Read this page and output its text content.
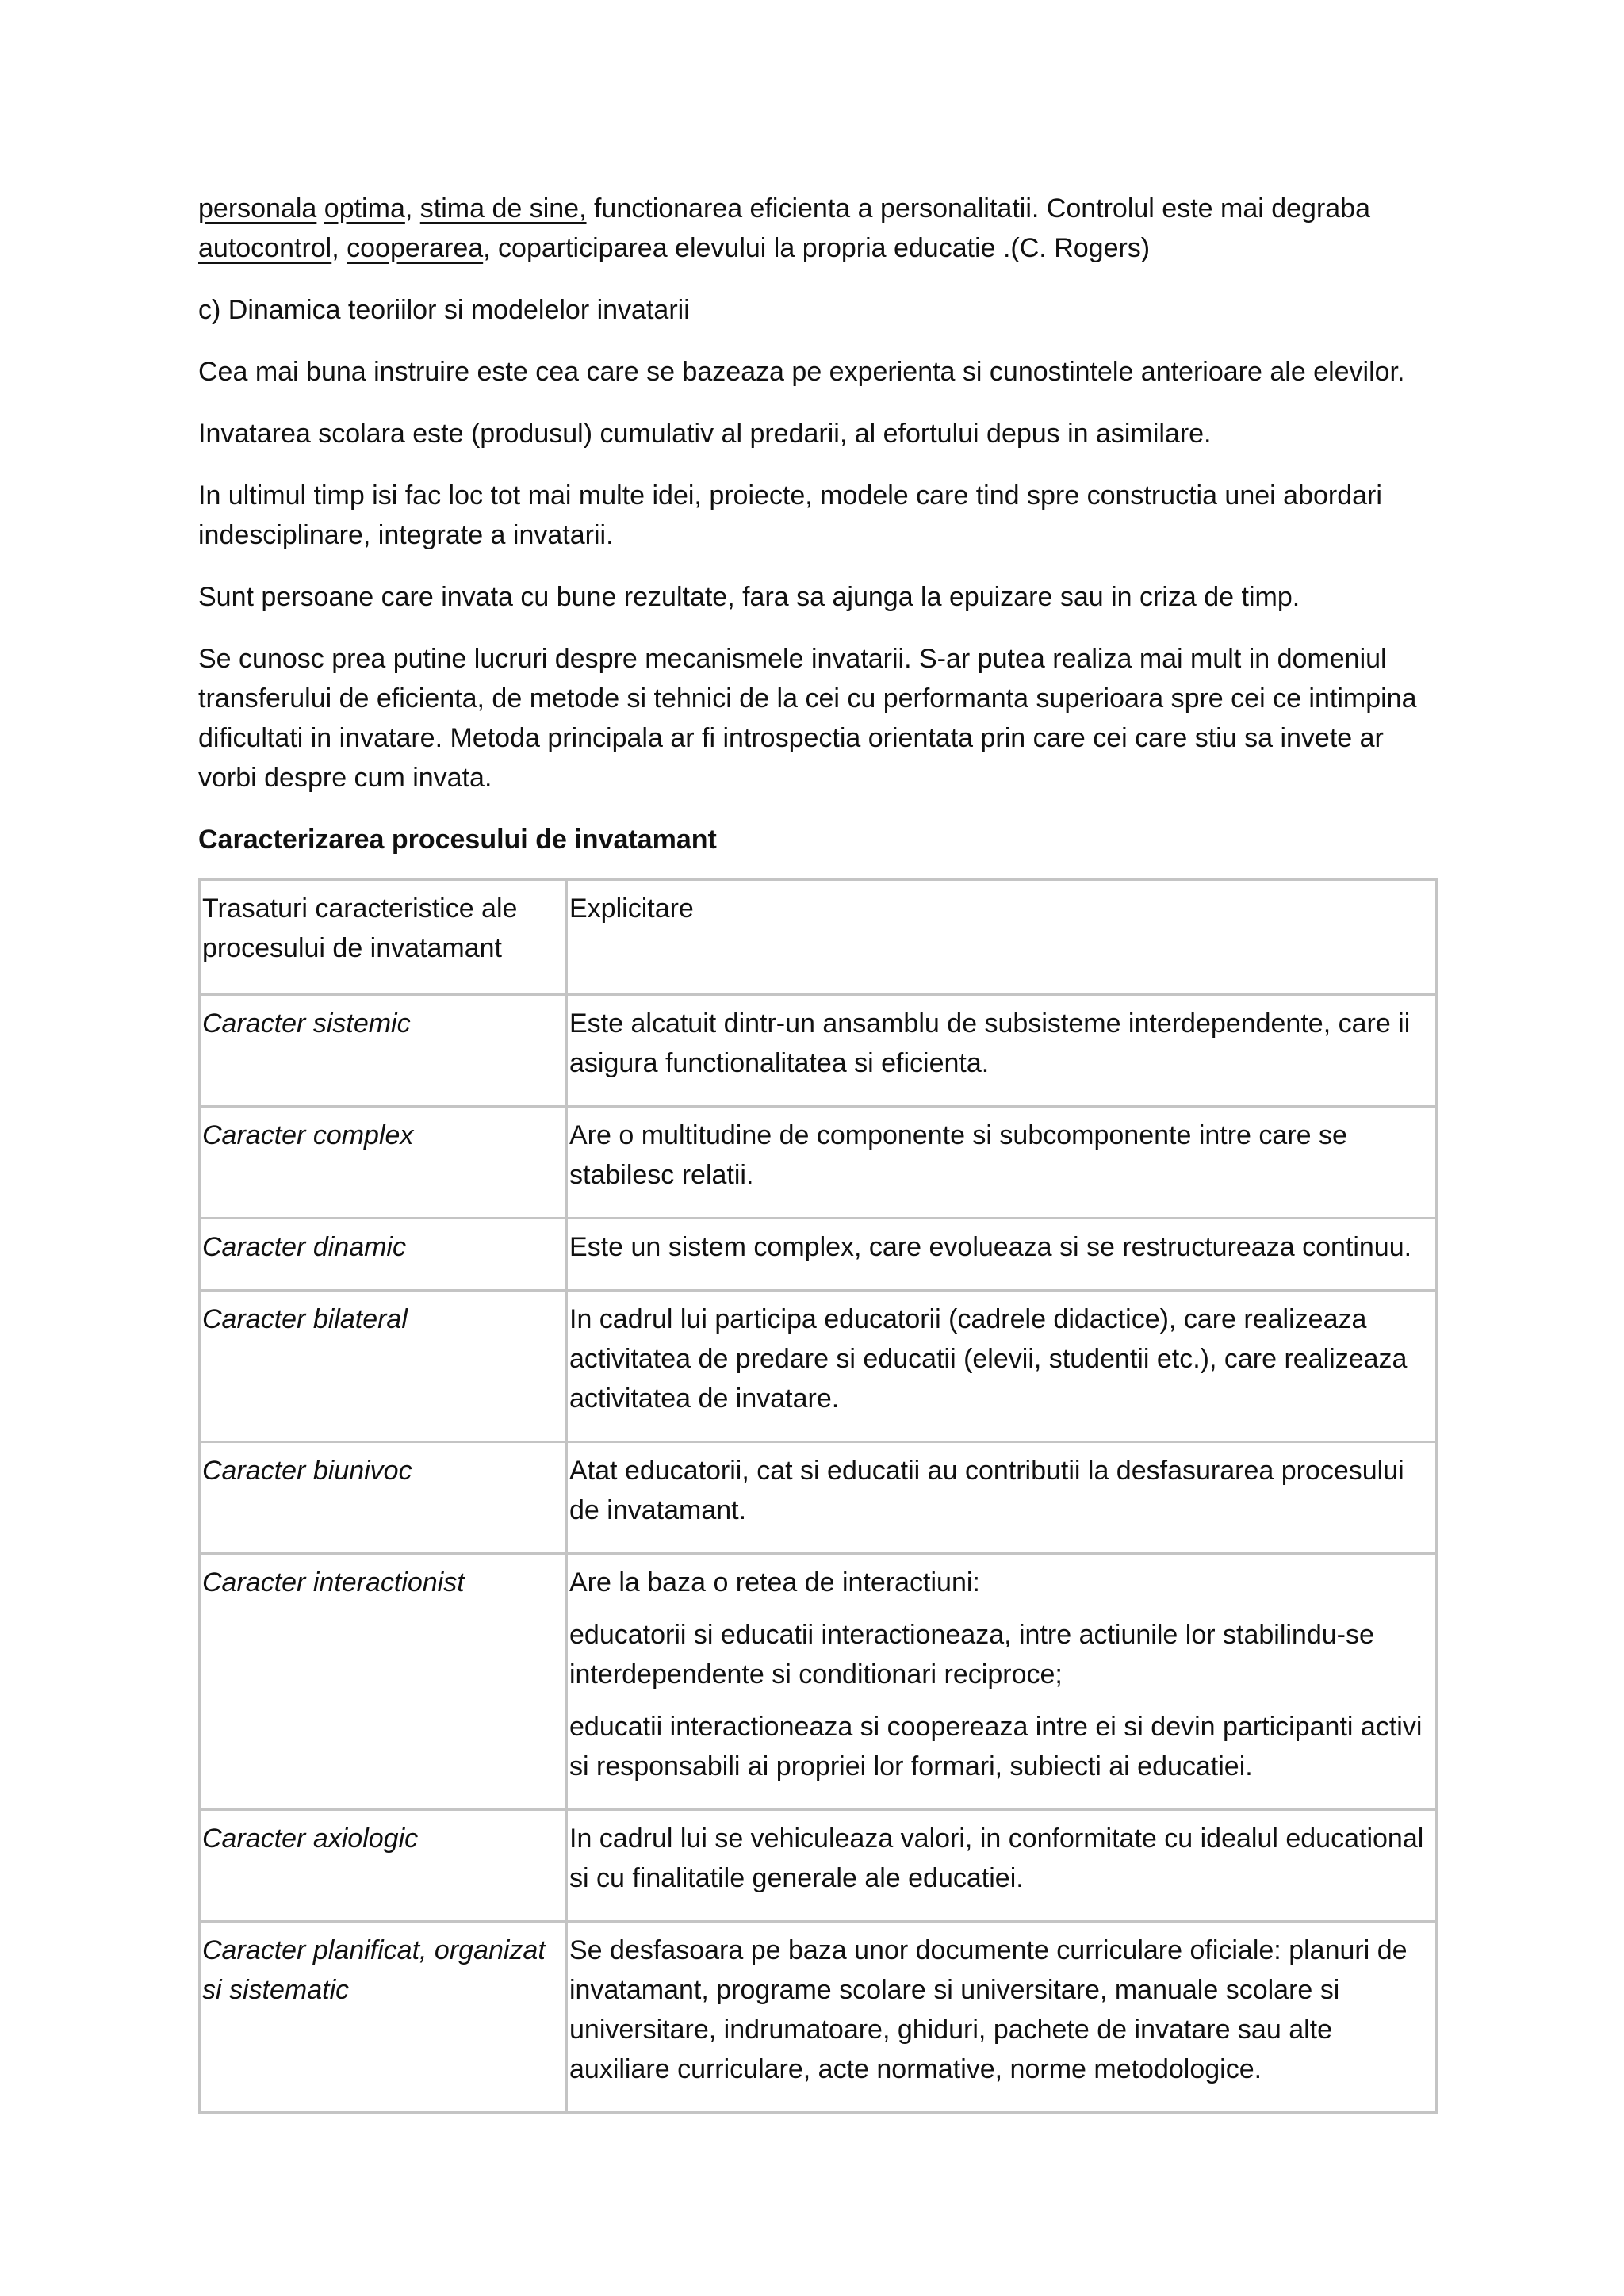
personala optima, stima de sine, functionarea eficienta a personalitatii. Controlul este mai degraba autocontrol, cooperarea, coparticiparea elevului la propria educatie .(C. Rogers)

c) Dinamica teoriilor si modelelor invatarii

Cea mai buna instruire este cea care se bazeaza pe experienta si cunostintele anterioare ale elevilor.

Invatarea scolara este (produsul) cumulativ al predarii, al efortului depus in asimilare.

In ultimul timp isi fac loc tot mai multe idei, proiecte, modele care tind spre constructia unei abordari indesciplinare, integrate a invatarii.

Sunt persoane care invata cu bune rezultate, fara sa ajunga la epuizare sau in criza de timp.

Se cunosc prea putine lucruri despre mecanismele invatarii. S-ar putea realiza mai mult in domeniul transferului de eficienta, de metode si tehnici de la cei cu performanta superioara spre cei ce intimpina dificultati in invatare. Metoda principala ar fi introspectia orientata prin care cei care stiu sa invete ar vorbi despre cum invata.

Caracterizarea procesului de invatamant

Trasaturi caracteristice ale procesului de invatamant	Explicitare
Caracter sistemic	Este alcatuit dintr-un ansamblu de subsisteme interdependente, care ii asigura functionalitatea si eficienta.

Caracter complex	Are o multitudine de componente si subcomponente intre care se stabilesc relatii.

Caracter dinamic	Este un sistem complex, care evolueaza si se restructureaza continuu.

Caracter bilateral	In cadrul lui participa educatorii (cadrele didactice), care realizeaza activitatea de predare si educatii (elevii, studentii etc.), care realizeaza activitatea de invatare.

Caracter biunivoc	Atat educatorii, cat si educatii au contributii la desfasurarea procesului de invatamant.

Caracter interactionist	Are la baza o retea de interactiuni:

educatorii si educatii interactioneaza, intre actiunile lor stabilindu-se interdependente si conditionari reciproce;

educatii interactioneaza si coopereaza intre ei si devin participanti activi si responsabili ai propriei lor formari, subiecti ai educatiei.

Caracter axiologic	In cadrul lui se vehiculeaza valori, in conformitate cu idealul educational si cu finalitatile generale ale educatiei.

Caracter planificat, organizat si sistematic	Se desfasoara pe baza unor documente curriculare oficiale: planuri de invatamant, programe scolare si universitare, manuale scolare si universitare, indrumatoare, ghiduri, pachete de invatare sau alte auxiliare curriculare, acte normative, norme metodologice.
